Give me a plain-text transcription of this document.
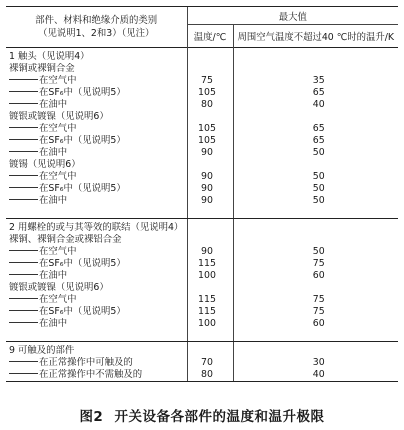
部件、材料和绝缘介质的类别
（见说明1、2和3）（见注）	最大值	
	温度/℃	周围空气温度不超过40 ℃时的温升/K

1 触头（见说明4）		

裸铜或裸铜合金		

在空气中	75	35

在SF₆中（见说明5）	105	65

在油中	80	40

镀银或镀镍（见说明6）		

在空气中	105	65

在SF₆中（见说明5）	105	65

在油中	90	50

镀锡（见说明6）		

在空气中	90	50

在SF₆中（见说明5）	90	50

在油中	90	50

2 用螺栓的或与其等效的联结（见说明4）		

裸铜、裸铜合金或裸铝合金		

在空气中	90	50

在SF₆中（见说明5）	115	75

在油中	100	60

镀银或镀镍（见说明6）		

在空气中	115	75

在SF₆中（见说明5）	115	75

在油中	100	60

9 可触及的部件		

在正常操作中可触及的	70	30

在正常操作中不需触及的	80	40
图2 开关设备各部件的温度和温升极限
